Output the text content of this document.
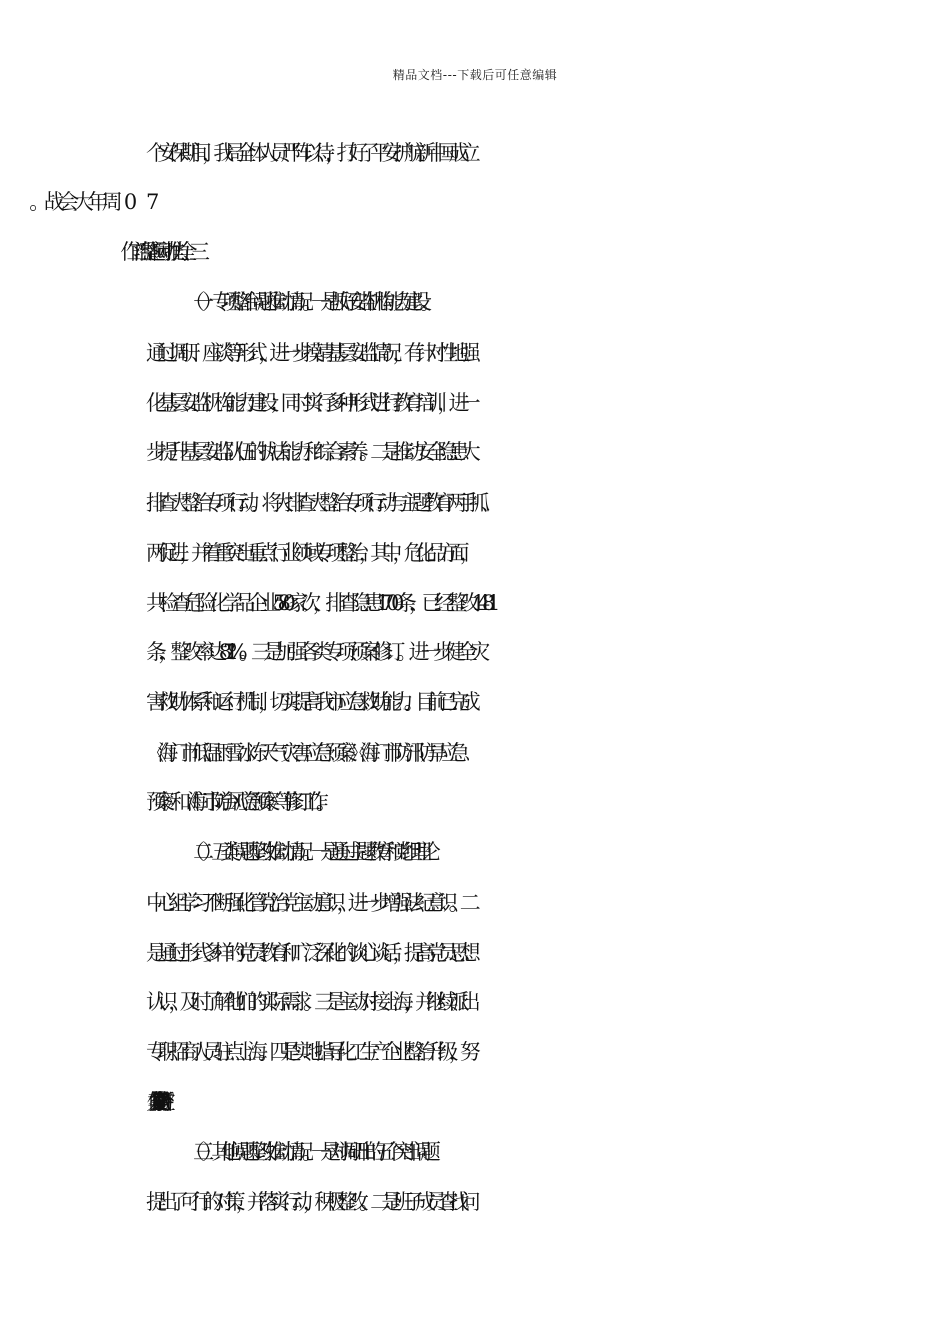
精品文档---下载后可任意编辑
个安保期间，我局全体人员严阵以待，打好了平安护航新中国成立
（一）专项整治问题推动情况。一是抓好安监机构能力建设。
通过调研、座谈等形式，进一步摸清基层安监情况，有针对性地强
化基层安监机构能力建设；同时实行多种形式进行教育培训，进一
步提升基层安监队伍的执法能力和综合素养。二是推动安全隐患大
排查大整治专项行动。将大排查大整治专项行动与主题教育两手抓、
两促进，并着重突出重点行业领域专项整治，其中，危化品方面，
共检查危险化学品企业580家次，排查隐患1700条，已经整改1481
条，整改率达87.1 %。三是加强各类专项预案修订。进一步健全灾
害救助体系和运行机制，切实提高我市应急救助能力。目前已完成
《海门市低温雨雪冰冻天气灾害应急预案》《海门市防汛防旱应急
预案》和《海门市防台风应急预案》等修订工作。
（二）五类问题整改推动情况。一是通过主题教育和党组理论
中心组学习不断强化管党治党主动意识，进一步增强法纪意识。二
是通过形式多样的党员教育和广泛深化的谈心谈话，提高党员思想
认识，及时了解他们的实际需求。三是主动对接上海，并继续派出
专职招商人员驻点上海。四是实地指导化工生产企业整治升级，努
力使其各类安全风险可防可控。
（三）其他问题整改推动情况。一是对调研出的五个突出问题
提出了可行的对策，并落实行动，积极整改。二是班子成员查找问
